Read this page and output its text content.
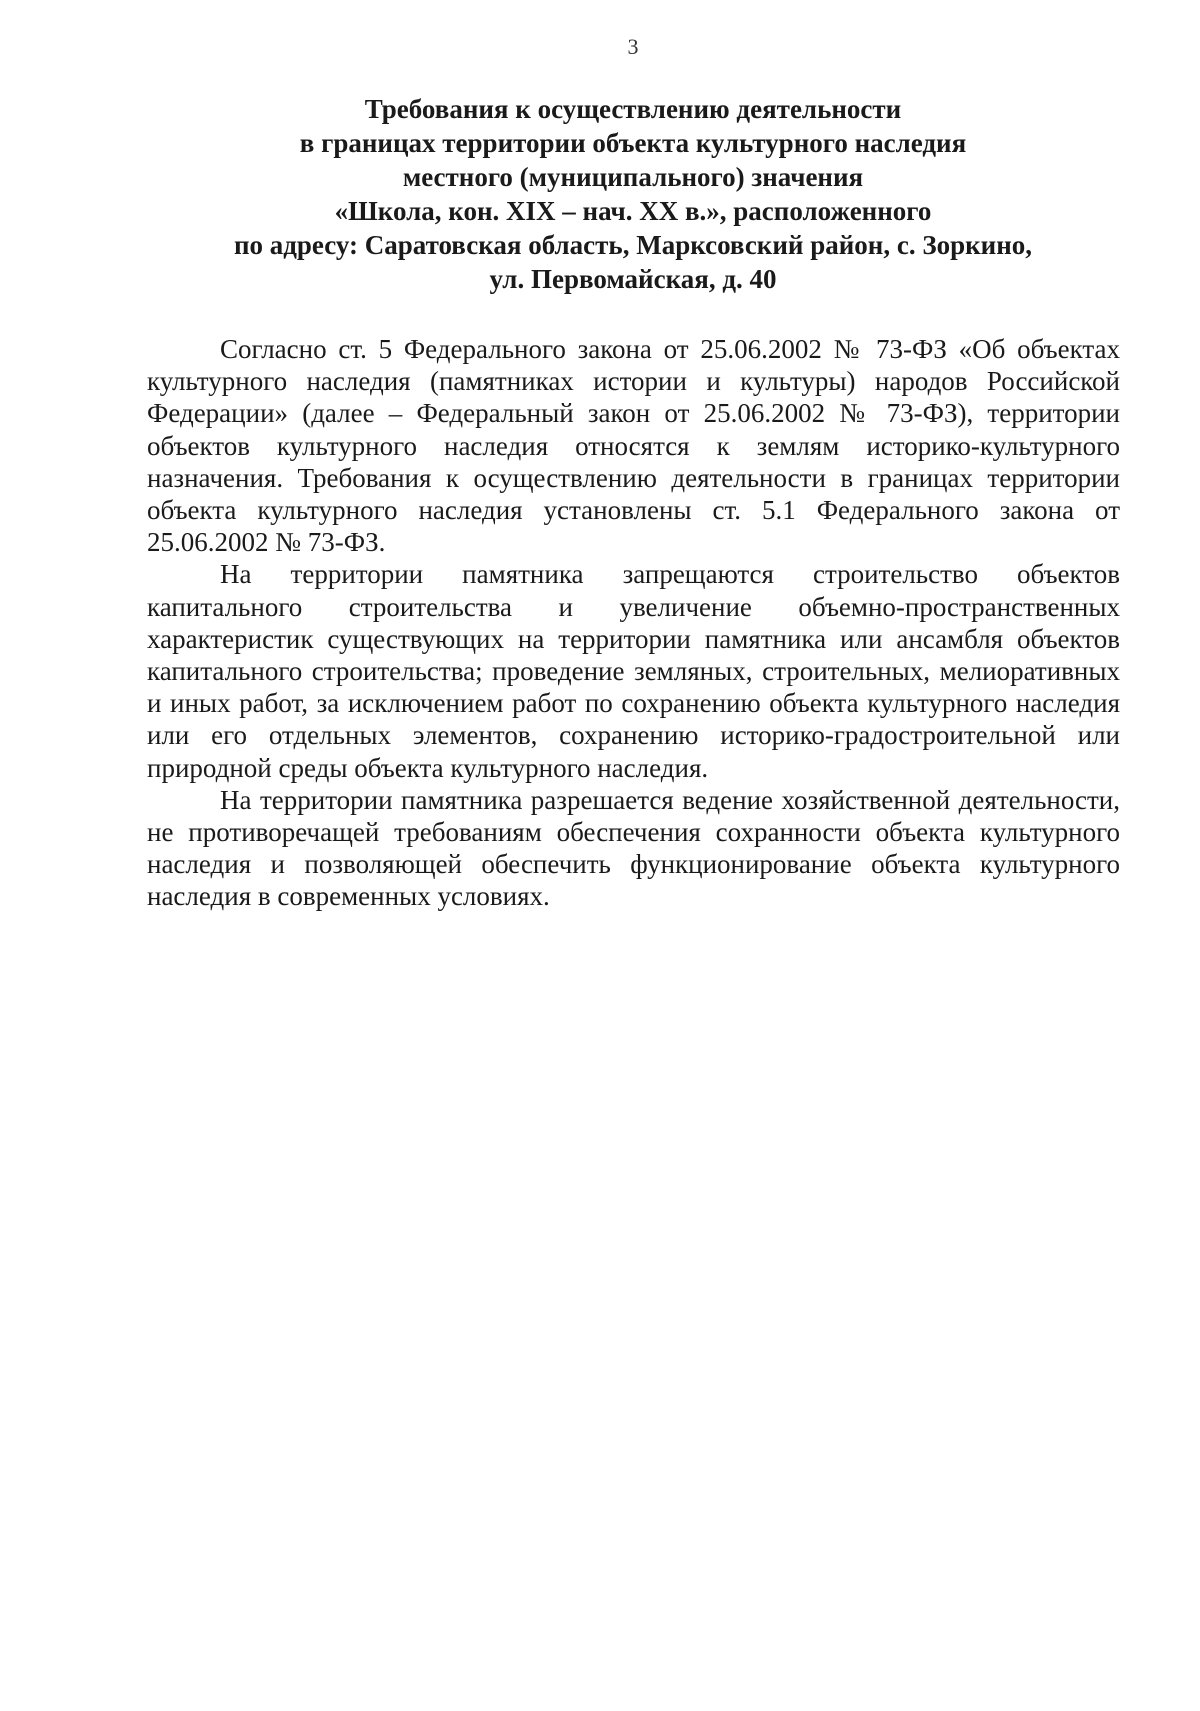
3
Требования к осуществлению деятельности
в границах территории объекта культурного наследия
местного (муниципального) значения
«Школа, кон. XIX – нач. XX в.», расположенного
по адресу: Саратовская область, Марксовский район, с. Зоркино,
ул. Первомайская, д. 40

Согласно ст. 5 Федерального закона от 25.06.2002 № 73-ФЗ «Об объектах культурного наследия (памятниках истории и культуры) народов Российской Федерации» (далее – Федеральный закон от 25.06.2002 № 73-ФЗ), территории объектов культурного наследия относятся к землям историко-культурного назначения. Требования к осуществлению деятельности в границах территории объекта культурного наследия установлены ст. 5.1 Федерального закона от 25.06.2002 № 73-ФЗ.

На территории памятника запрещаются строительство объектов капитального строительства и увеличение объемно-пространственных характеристик существующих на территории памятника или ансамбля объектов капитального строительства; проведение земляных, строительных, мелиоративных и иных работ, за исключением работ по сохранению объекта культурного наследия или его отдельных элементов, сохранению историко-градостроительной или природной среды объекта культурного наследия.

На территории памятника разрешается ведение хозяйственной деятельности, не противоречащей требованиям обеспечения сохранности объекта культурного наследия и позволяющей обеспечить функционирование объекта культурного наследия в современных условиях.
